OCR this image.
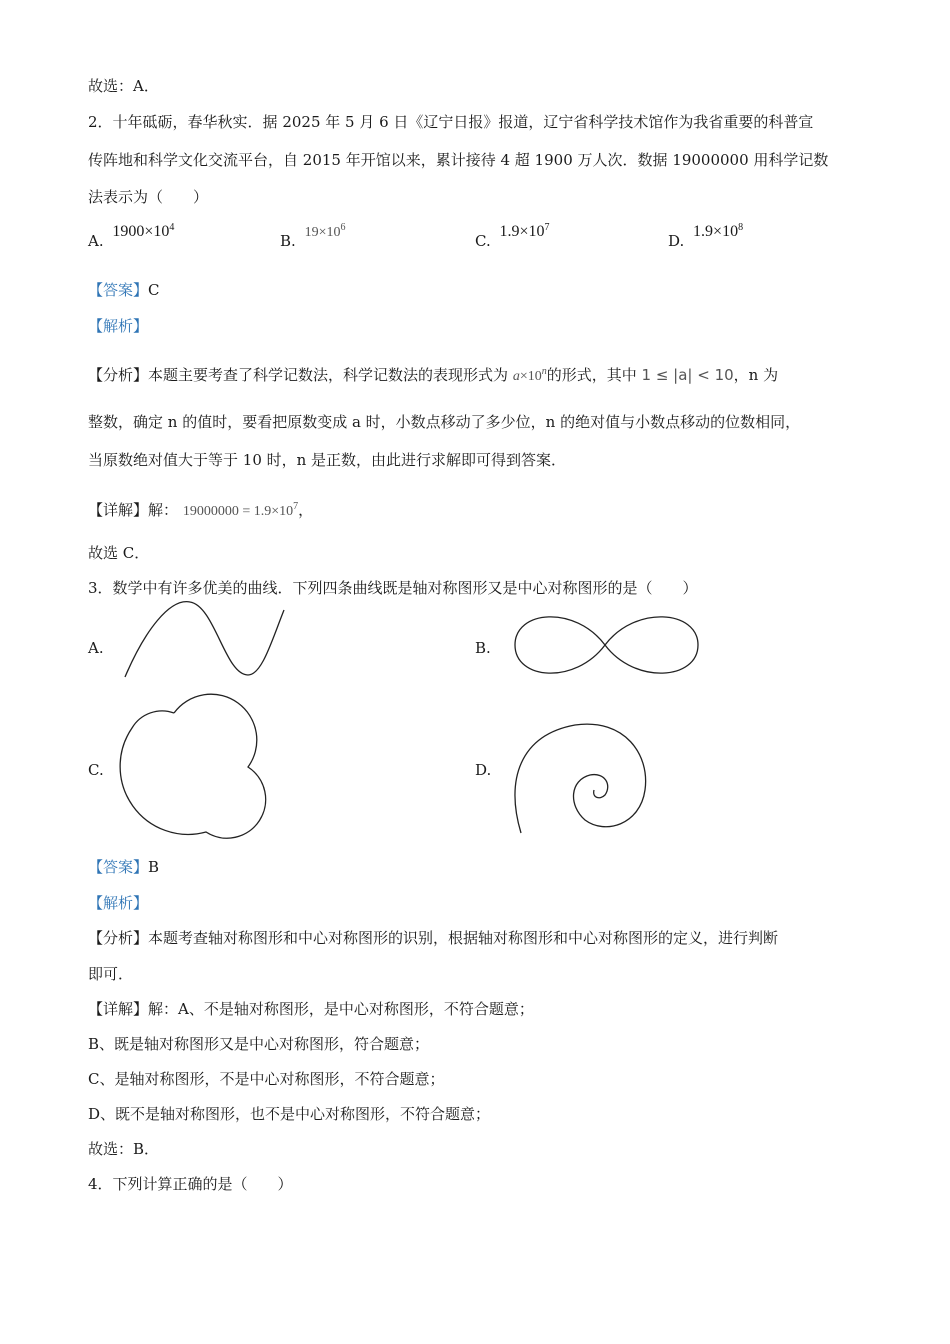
故选：A．
2．十年砥砺，春华秋实．据 2025 年 5 月 6 日《辽宁日报》报道，辽宁省科学技术馆作为我省重要的科普宣
传阵地和科学文化交流平台，自 2015 年开馆以来，累计接待 4 超 1900 万人次．数据 19000000 用科学记数
法表示为（　　）
A. $1900\times 10^4$
B. $19\times 10^6$
C. $1.9\times 10^7$
D. $1.9\times 10^8$
【答案】C
【解析】
【分析】本题主要考查了科学记数法，科学记数法的表现形式为 $a\times 10^n$的形式，其中 1 ≤ |a| < 10，n 为
整数，确定 n 的值时，要看把原数变成 a 时，小数点移动了多少位，n 的绝对值与小数点移动的位数相同，
当原数绝对值大于等于 10 时，n 是正数，由此进行求解即可得到答案．
【详解】解： $19000000 = 1.9\times 10^7$，
故选 C．
3．数学中有许多优美的曲线．下列四条曲线既是轴对称图形又是中心对称图形的是（　　）
A.	B.
C.	D.
【答案】B
【解析】
【分析】本题考查轴对称图形和中心对称图形的识别，根据轴对称图形和中心对称图形的定义，进行判断
即可．
【详解】解：A、不是轴对称图形，是中心对称图形，不符合题意；
B、既是轴对称图形又是中心对称图形，符合题意；
C、是轴对称图形，不是中心对称图形，不符合题意；
D、既不是轴对称图形，也不是中心对称图形，不符合题意；
故选：B．
4．下列计算正确的是（　　）
